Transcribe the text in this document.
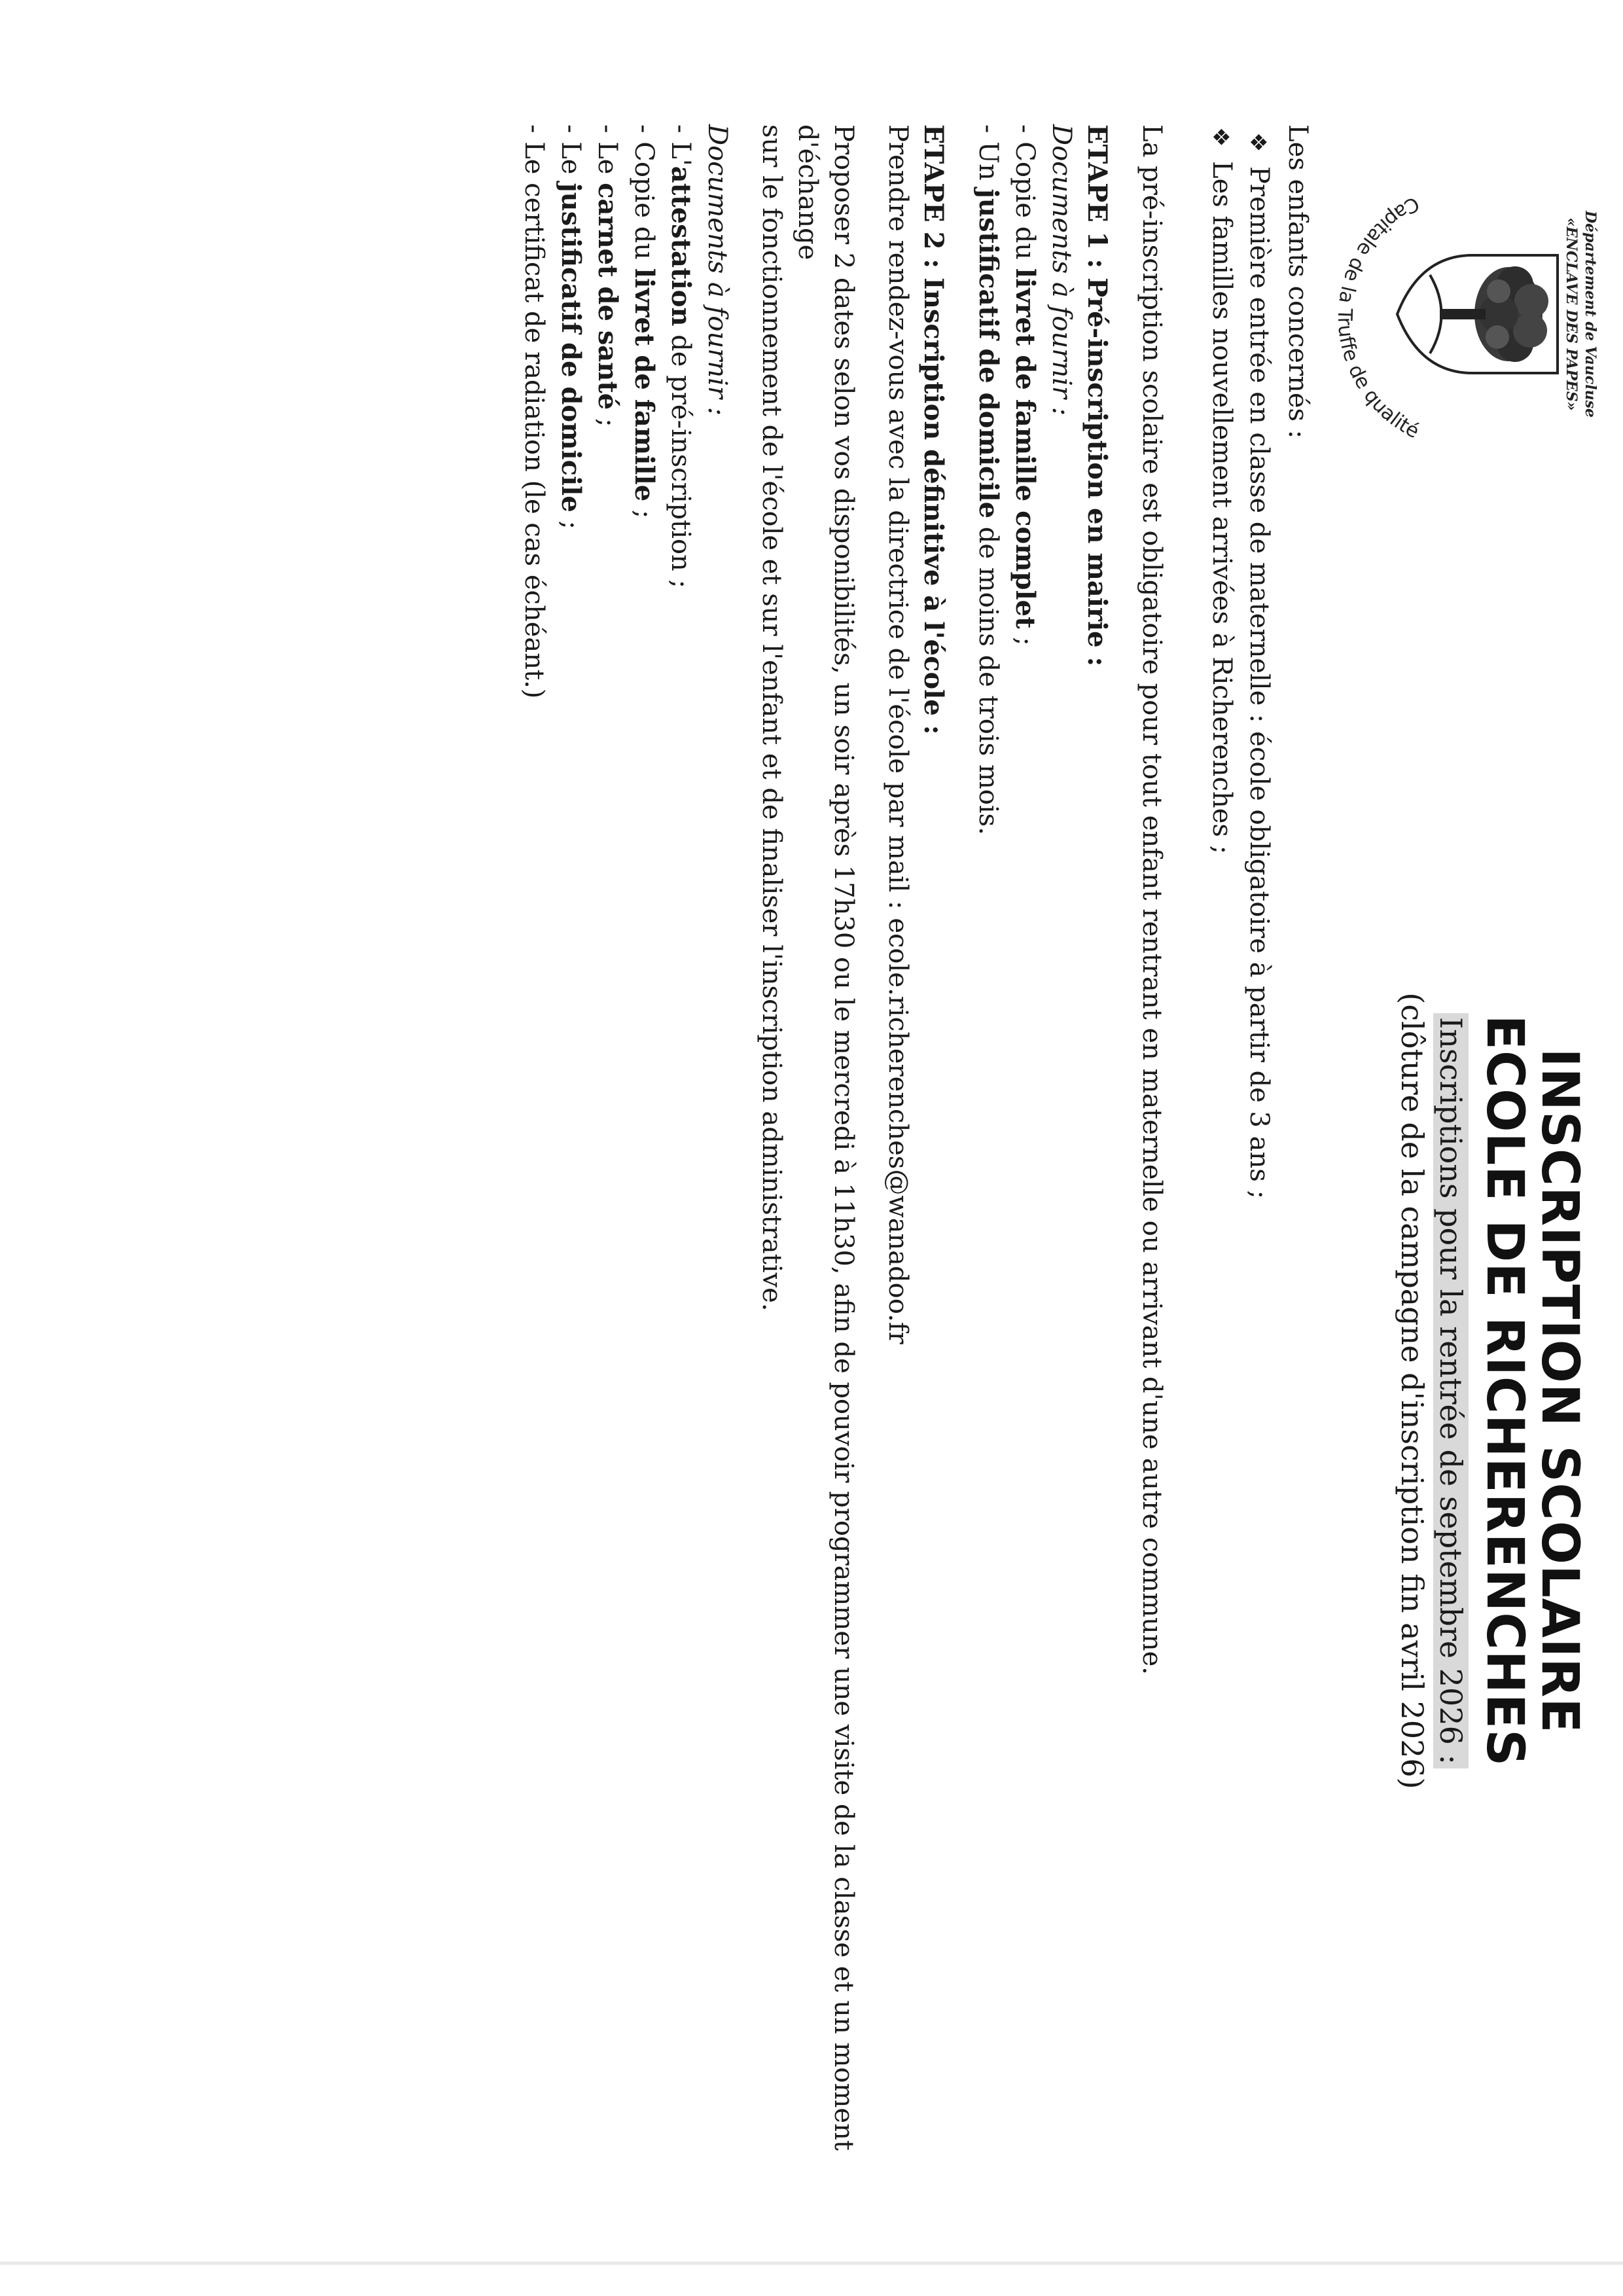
Département de Vaucluse
«ENCLAVE DES PAPES»
Capitale de la Truffe de qualité
INSCRIPTION SCOLAIRE
ECOLE DE RICHERENCHES
Inscriptions pour la rentrée de septembre 2026 :
(clôture de la campagne d'inscription fin avril 2026)

Les enfants concernés :

❖
Première entrée en classe de maternelle : école obligatoire à partir de 3 ans ;
❖
Les familles nouvellement arrivées à Richerenches ;

La pré-inscription scolaire est obligatoire pour tout enfant rentrant en maternelle ou arrivant d'une autre commune.

ETAPE 1 : Pré-inscription en mairie :

Documents à fournir :

- Copie du livret de famille complet ;
- Un justificatif de domicile de moins de trois mois.

ETAPE 2 : Inscription définitive à l'école :

Prendre rendez-vous avec la directrice de l'école par mail : ecole.richerenches@wanadoo.fr

Proposer 2 dates selon vos disponibilités, un soir après 17h30 ou le mercredi à 11h30, afin de pouvoir programmer une visite de la classe et un moment d'échange

sur le fonctionnement de l'école et sur l'enfant et de finaliser l'inscription administrative.

Documents à fournir :

- L'attestation de pré-inscription ;
- Copie du livret de famille ;
- Le carnet de santé ;
- Le justificatif de domicile ;
- Le certificat de radiation (le cas échéant.)
